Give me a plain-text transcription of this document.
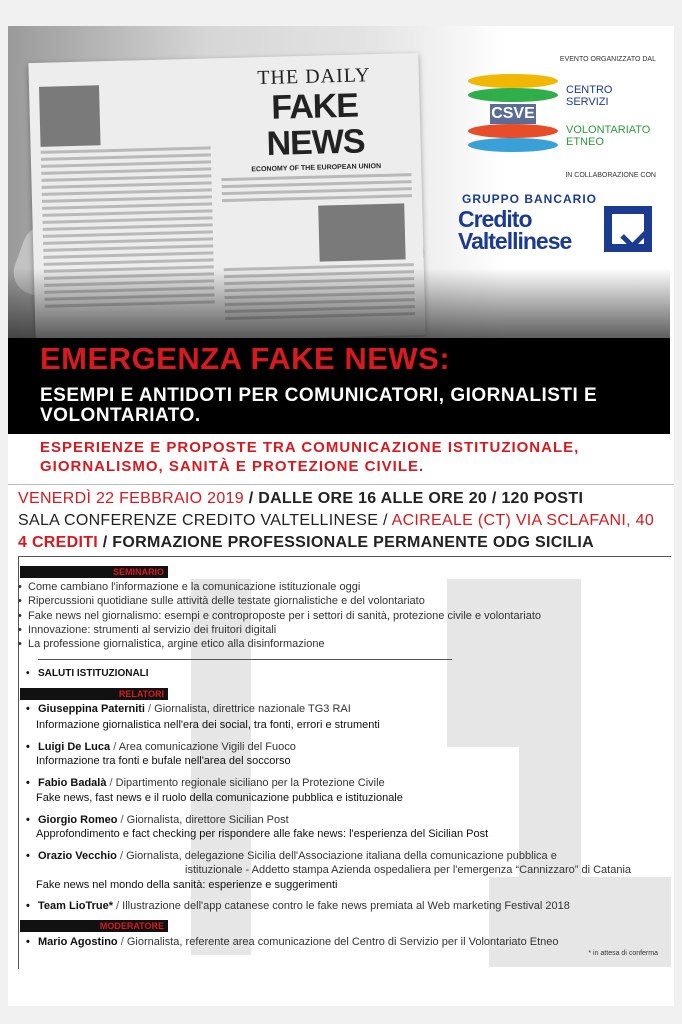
THE DAILY
FAKE NEWS
ECONOMY OF THE EUROPEAN UNION
EVENTO ORGANIZZATO DAL
CSVE
CENTRO
SERVIZI
VOLONTARIATO
ETNEO
IN COLLABORAZIONE CON
GRUPPO BANCARIO
Credito
Valtellinese
EMERGENZA FAKE NEWS:
ESEMPI E ANTIDOTI PER COMUNICATORI, GIORNALISTI E VOLONTARIATO.
ESPERIENZE E PROPOSTE TRA COMUNICAZIONE ISTITUZIONALE, GIORNALISMO, SANITÀ E PROTEZIONE CIVILE.
VENERDÌ 22 FEBBRAIO 2019 / DALLE ORE 16 ALLE ORE 20 / 120 POSTI
SALA CONFERENZE CREDITO VALTELLINESE / ACIREALE (CT) VIA SCLAFANI, 40
4 CREDITI / FORMAZIONE PROFESSIONALE PERMANENTE ODG SICILIA
SEMINARIO
• Come cambiano l'informazione e la comunicazione istituzionale oggi
• Ripercussioni quotidiane sulle attività delle testate giornalistiche e del volontariato
• Fake news nel giornalismo: esempi e controproposte per i settori di sanità, protezione civile e volontariato
• Innovazione: strumenti al servizio dei fruitori digitali
• La professione giornalistica, argine etico alla disinformazione
• SALUTI ISTITUZIONALI
RELATORI
• Giuseppina Paterniti / Giornalista, direttrice nazionale TG3 RAI
Informazione giornalistica nell'era dei social, tra fonti, errori e strumenti
• Luigi De Luca / Area comunicazione Vigili del Fuoco
Informazione tra fonti e bufale nell'area del soccorso
• Fabio Badalà / Dipartimento regionale siciliano per la Protezione Civile
Fake news, fast news e il ruolo della comunicazione pubblica e istituzionale
• Giorgio Romeo / Giornalista, direttore Sicilian Post
Approfondimento e fact checking per rispondere alle fake news: l'esperienza del Sicilian Post
• Orazio Vecchio / Giornalista, delegazione Sicilia dell'Associazione italiana della comunicazione pubblica e
istituzionale - Addetto stampa Azienda ospedaliera per l'emergenza “Cannizzaro” di Catania
Fake news nel mondo della sanità: esperienze e suggerimenti
• Team LioTrue* / Illustrazione dell'app catanese contro le fake news premiata al Web marketing Festival 2018
MODERATORE
• Mario Agostino / Giornalista, referente area comunicazione del Centro di Servizio per il Volontariato Etneo
* in attesa di conferma
